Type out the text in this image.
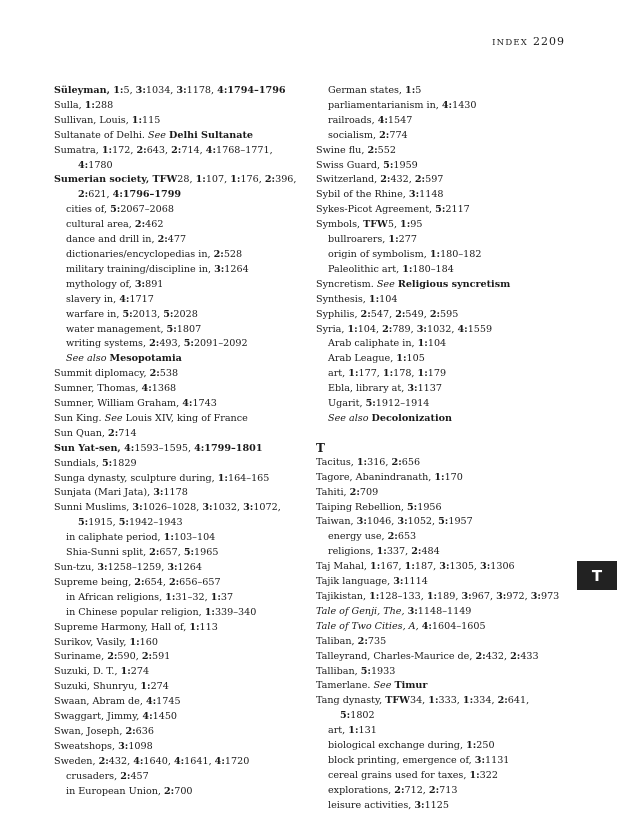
INDEX 2209

Süleyman, 1:5, 3:1034, 3:1178, 4:1794–1796

Sulla, 1:288

Sullivan, Louis, 1:115

Sultanate of Delhi. See Delhi Sultanate

Sumatra, 1:172, 2:643, 2:714, 4:1768–1771, 4:1780

Sumerian society, TFW28, 1:107, 1:176, 2:396, 2:621, 4:1796–1799

cities of, 5:2067–2068

cultural area, 2:462

dance and drill in, 2:477

dictionaries/encyclopedias in, 2:528

military training/discipline in, 3:1264

mythology of, 3:891

slavery in, 4:1717

warfare in, 5:2013, 5:2028

water management, 5:1807

writing systems, 2:493, 5:2091–2092

See also Mesopotamia

Summit diplomacy, 2:538

Sumner, Thomas, 4:1368

Sumner, William Graham, 4:1743

Sun King. See Louis XIV, king of France

Sun Quan, 2:714

Sun Yat-sen, 4:1593–1595, 4:1799–1801

Sundials, 5:1829

Sunga dynasty, sculpture during, 1:164–165

Sunjata (Mari Jata), 3:1178

Sunni Muslims, 3:1026–1028, 3:1032, 3:1072, 5:1915, 5:1942–1943

in caliphate period, 1:103–104

Shia-Sunni split, 2:657, 5:1965

Sun-tzu, 3:1258–1259, 3:1264

Supreme being, 2:654, 2:656–657

in African religions, 1:31–32, 1:37

in Chinese popular religion, 1:339–340

Supreme Harmony, Hall of, 1:113

Surikov, Vasily, 1:160

Suriname, 2:590, 2:591

Suzuki, D. T., 1:274

Suzuki, Shunryu, 1:274

Swaan, Abram de, 4:1745

Swaggart, Jimmy, 4:1450

Swan, Joseph, 2:636

Sweatshops, 3:1098

Sweden, 2:432, 4:1640, 4:1641, 4:1720

crusaders, 2:457

in European Union, 2:700

German states, 1:5

parliamentarianism in, 4:1430

railroads, 4:1547

socialism, 2:774

Swine flu, 2:552

Swiss Guard, 5:1959

Switzerland, 2:432, 2:597

Sybil of the Rhine, 3:1148

Sykes-Picot Agreement, 5:2117

Symbols, TFW5, 1:95

bullroarers, 1:277

origin of symbolism, 1:180–182

Paleolithic art, 1:180–184

Syncretism. See Religious syncretism

Synthesis, 1:104

Syphilis, 2:547, 2:549, 2:595

Syria, 1:104, 2:789, 3:1032, 4:1559

Arab caliphate in, 1:104

Arab League, 1:105

art, 1:177, 1:178, 1:179

Ebla, library at, 3:1137

Ugarit, 5:1912–1914

See also Decolonization

T

Tacitus, 1:316, 2:656

Tagore, Abanindranath, 1:170

Tahiti, 2:709

Taiping Rebellion, 5:1956

Taiwan, 3:1046, 3:1052, 5:1957

energy use, 2:653

religions, 1:337, 2:484

Taj Mahal, 1:167, 1:187, 3:1305, 3:1306

Tajik language, 3:1114

Tajikistan, 1:128–133, 1:189, 3:967, 3:972, 3:973

Tale of Genji, The, 3:1148–1149

Tale of Two Cities, A, 4:1604–1605

Taliban, 2:735

Talleyrand, Charles-Maurice de, 2:432, 2:433

Talliban, 5:1933

Tamerlane. See Timur

Tang dynasty, TFW34, 1:333, 1:334, 2:641, 5:1802

art, 1:131

biological exchange during, 1:250

block printing, emergence of, 3:1131

cereal grains used for taxes, 1:322

explorations, 2:712, 2:713

leisure activities, 3:1125

T
